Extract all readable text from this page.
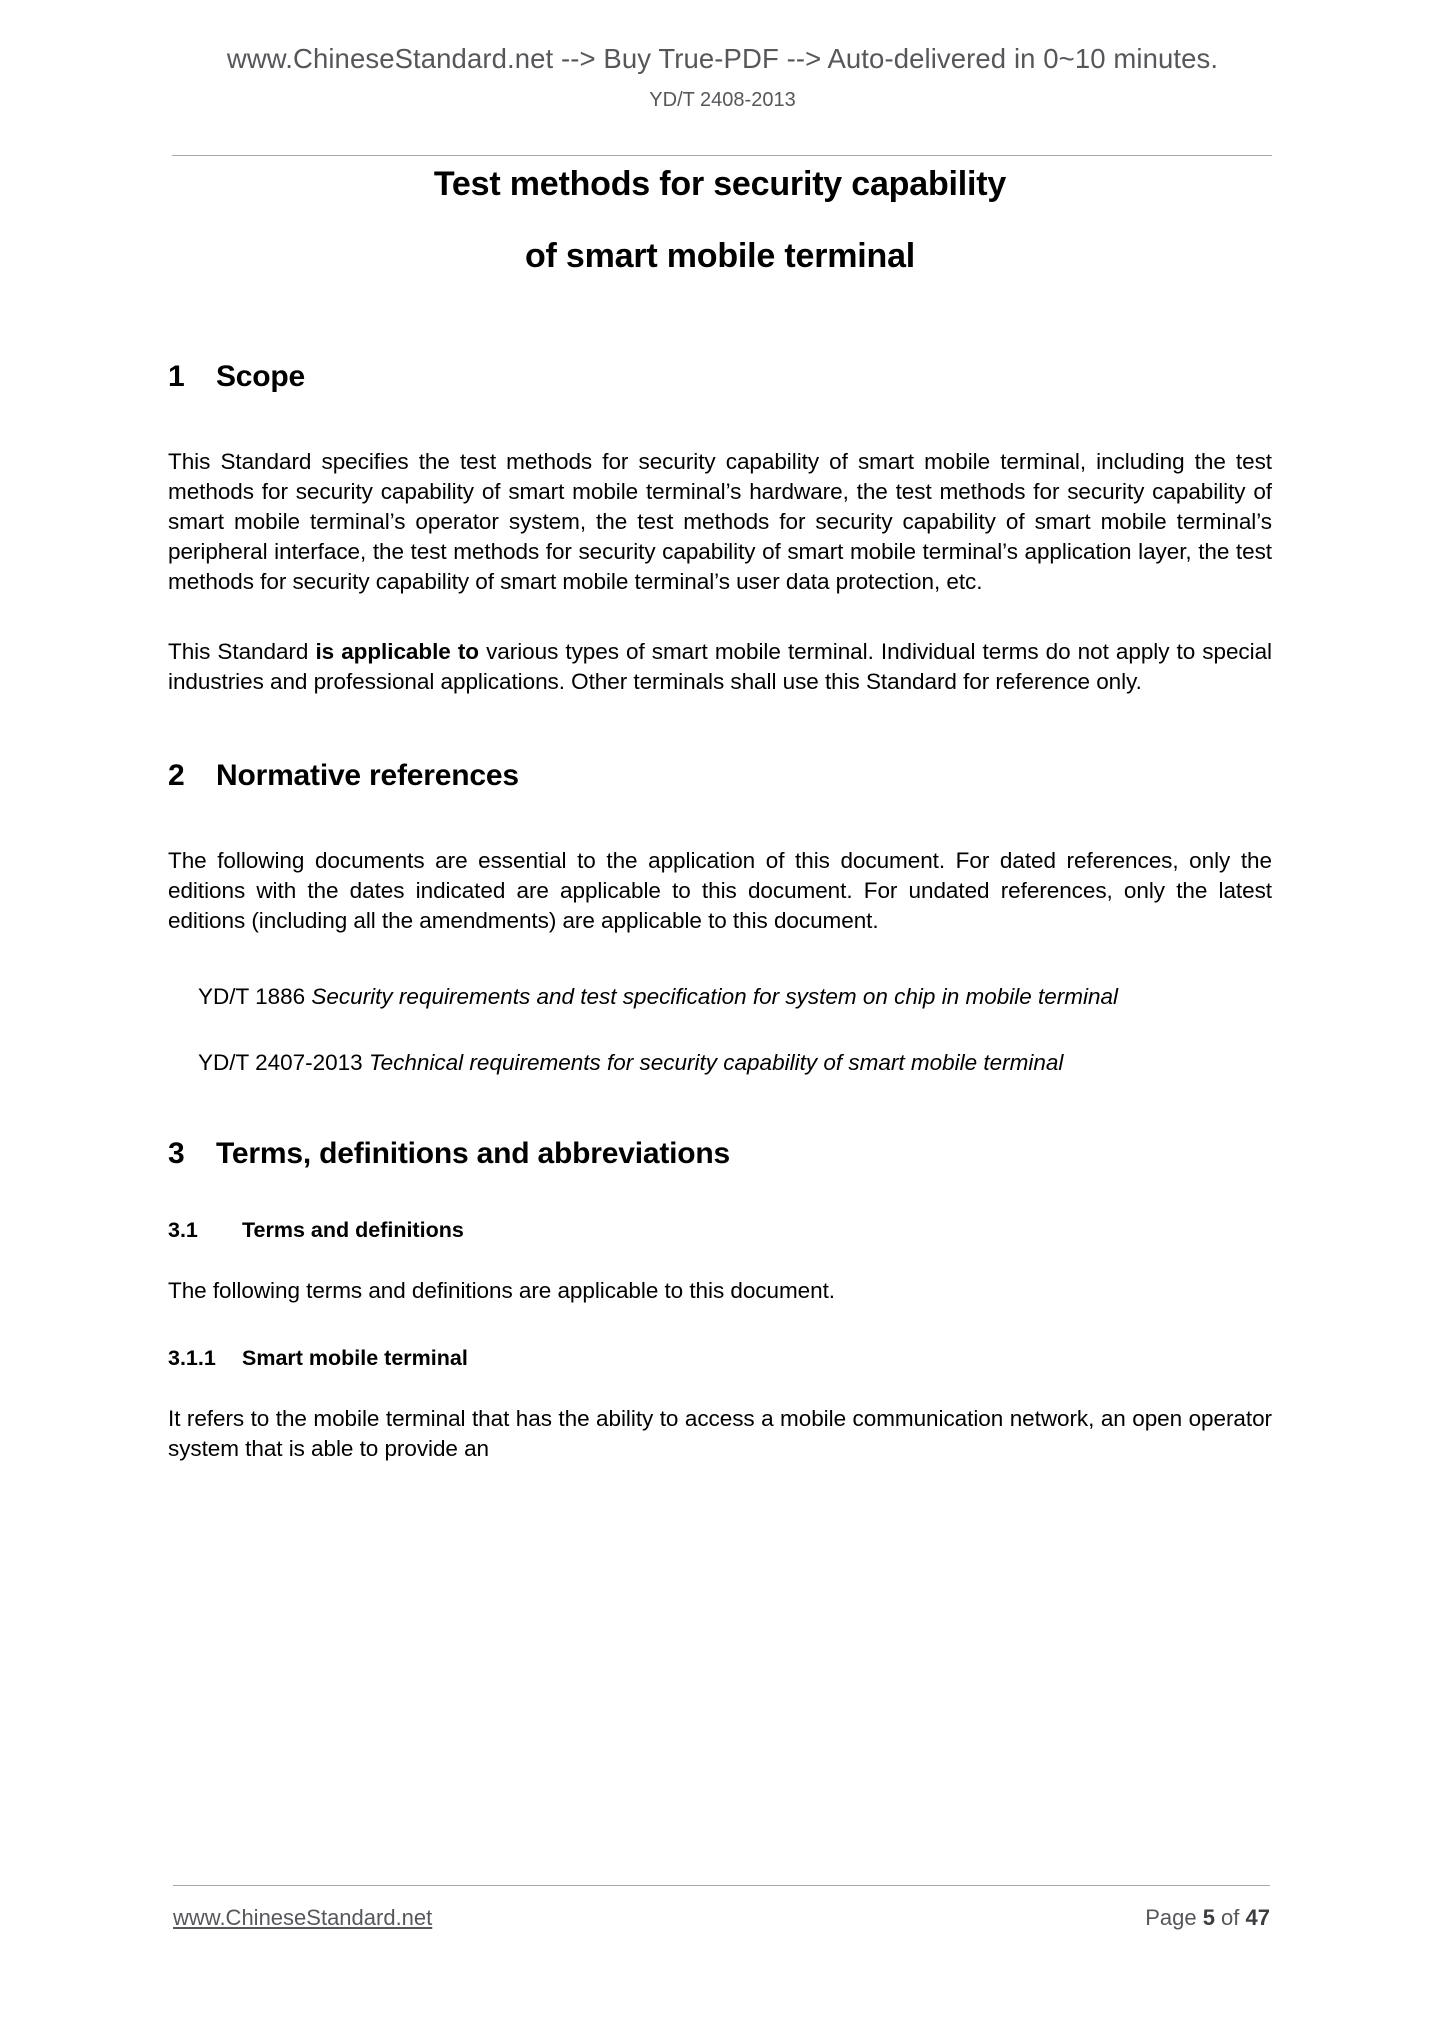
www.ChineseStandard.net --> Buy True-PDF --> Auto-delivered in 0~10 minutes.
YD/T 2408-2013
Test methods for security capability
of smart mobile terminal
1 Scope

This Standard specifies the test methods for security capability of smart mobile terminal, including the test methods for security capability of smart mobile terminal’s hardware, the test methods for security capability of smart mobile terminal’s operator system, the test methods for security capability of smart mobile terminal’s peripheral interface, the test methods for security capability of smart mobile terminal’s application layer, the test methods for security capability of smart mobile terminal’s user data protection, etc.

This Standard is applicable to various types of smart mobile terminal. Individual terms do not apply to special industries and professional applications. Other terminals shall use this Standard for reference only.

2 Normative references

The following documents are essential to the application of this document. For dated references, only the editions with the dates indicated are applicable to this document. For undated references, only the latest editions (including all the amendments) are applicable to this document.

YD/T 1886 Security requirements and test specification for system on chip in mobile terminal

YD/T 2407-2013 Technical requirements for security capability of smart mobile terminal

3 Terms, definitions and abbreviations
3.1 Terms and definitions

The following terms and definitions are applicable to this document.

3.1.1 Smart mobile terminal

It refers to the mobile terminal that has the ability to access a mobile communication network, an open operator system that is able to provide an

www.ChineseStandard.net	Page 5 of 47
